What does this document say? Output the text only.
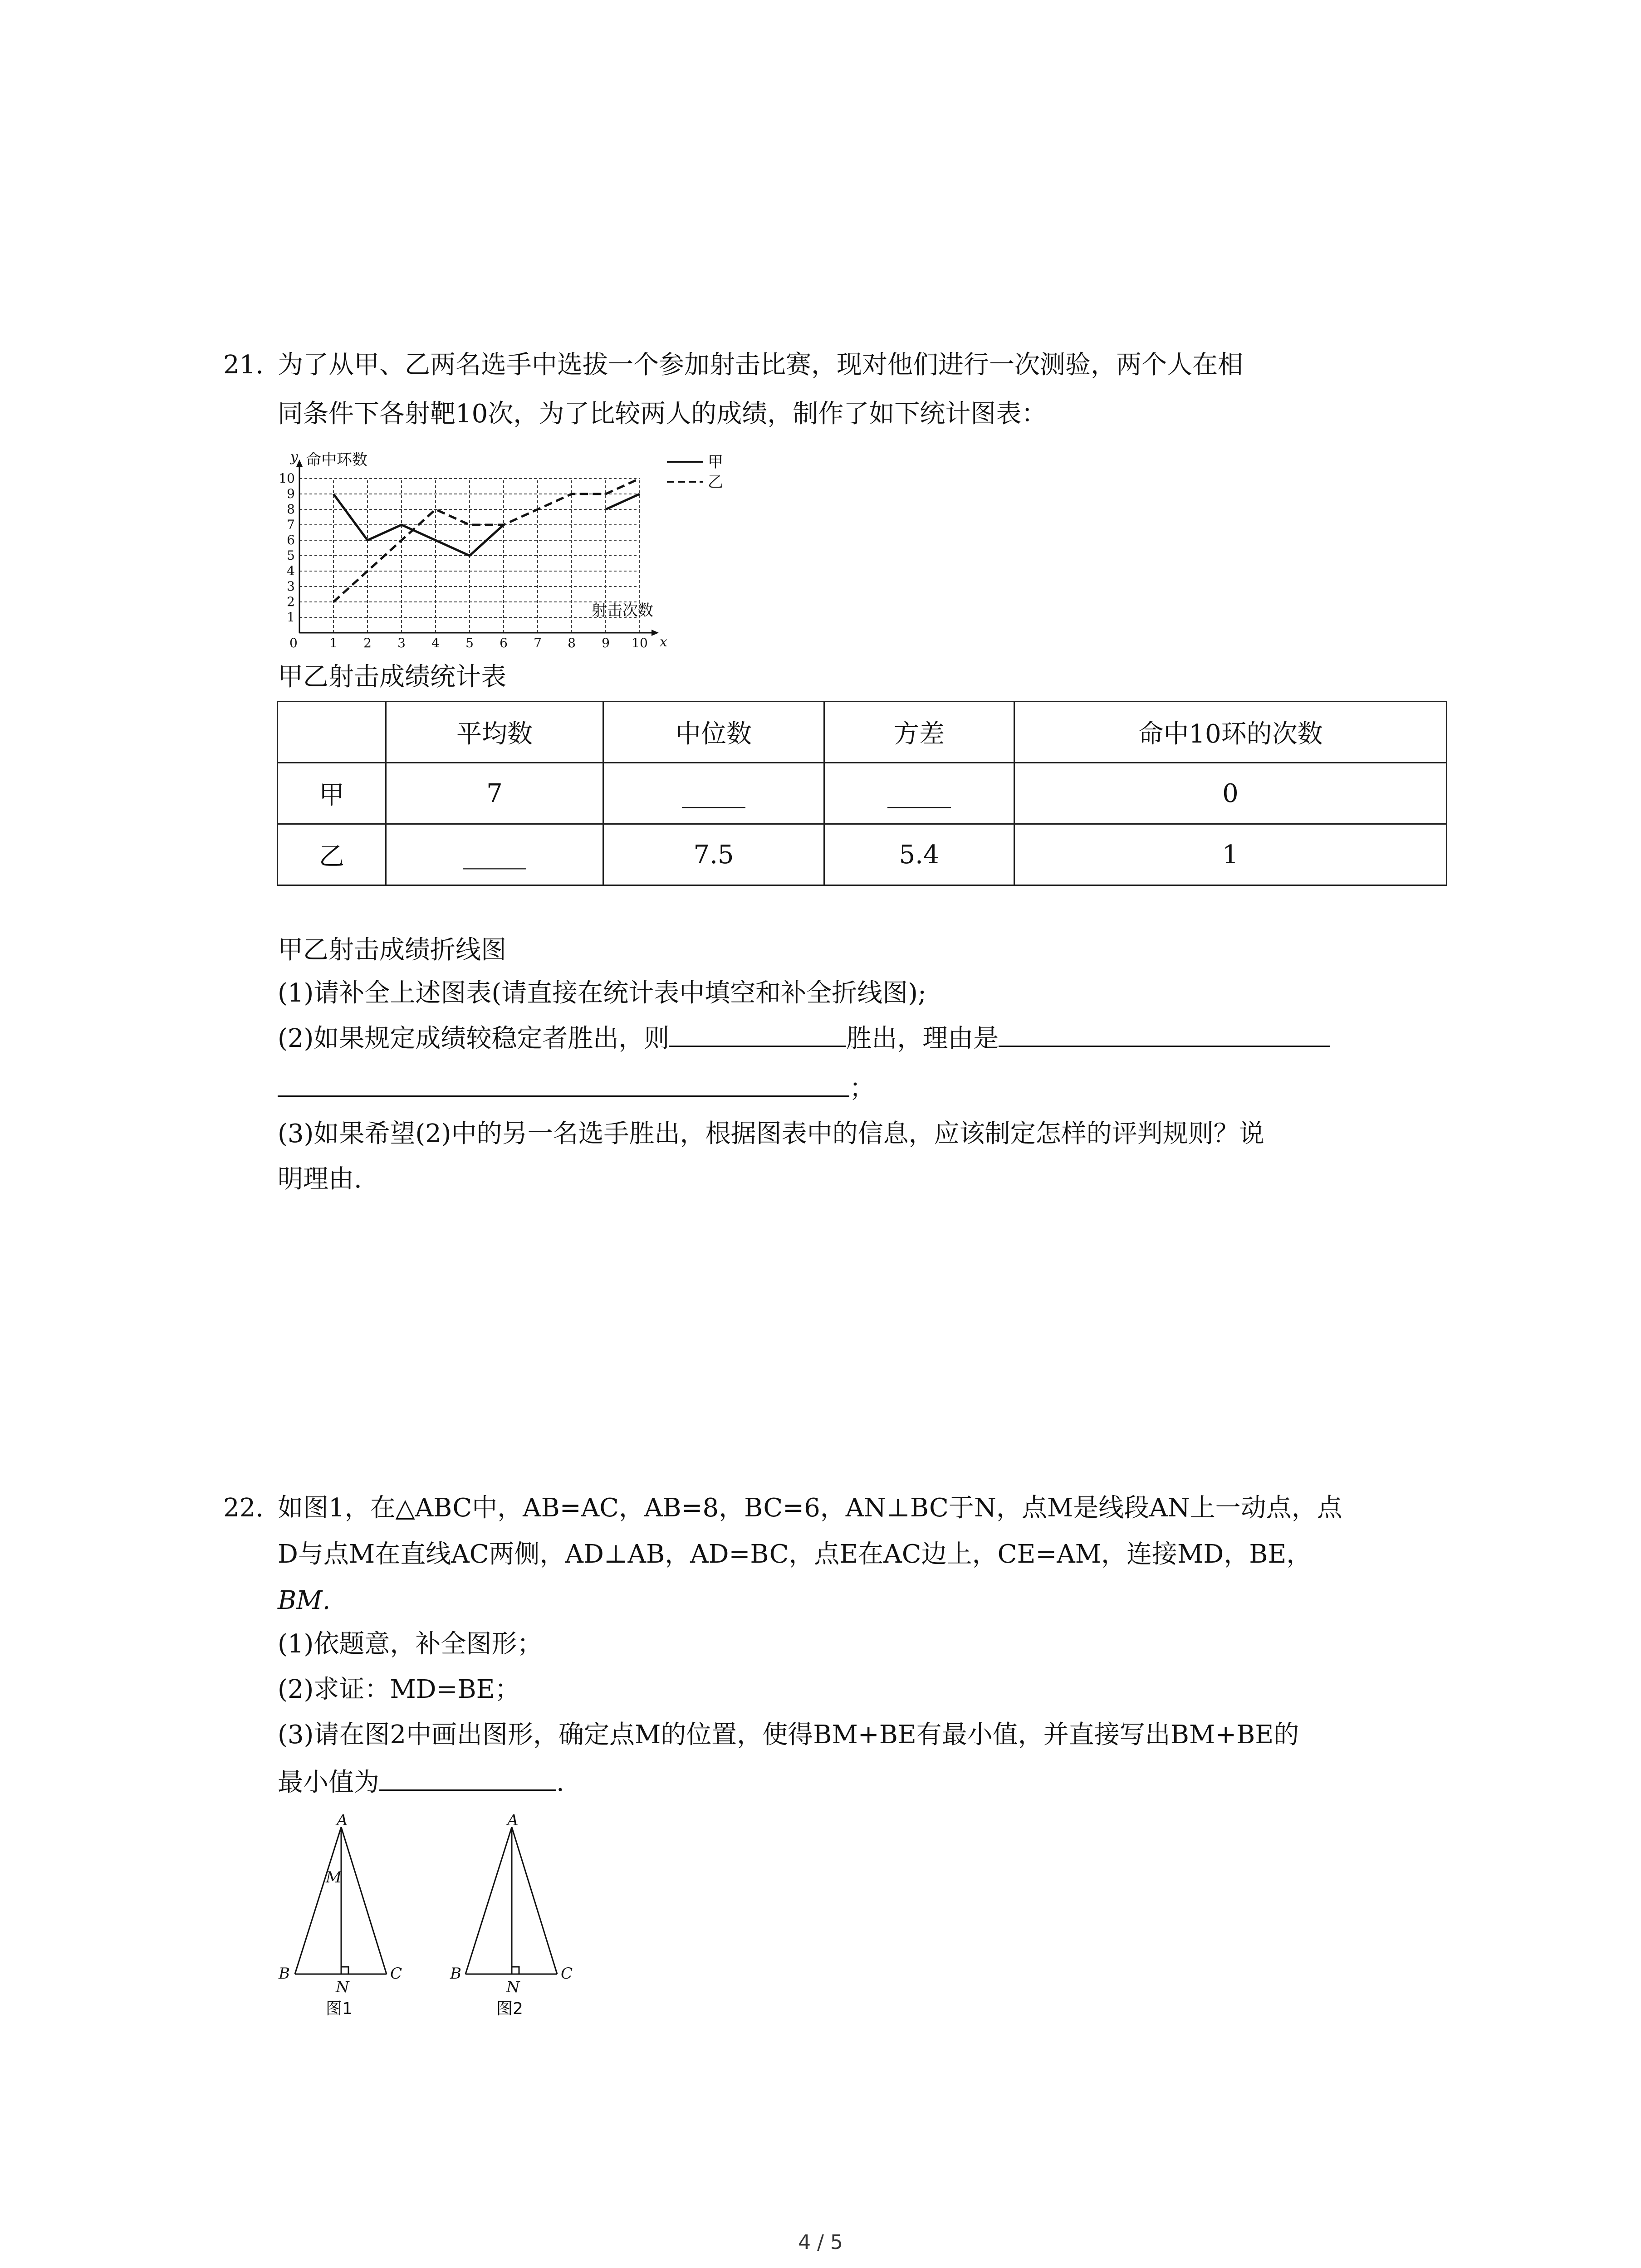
21. 为了从甲、乙两名选手中选拔一个参加射击比赛，现对他们进行一次测验，两个人在相
同条件下各射靶10次，为了比较两人的成绩，制作了如下统计图表：
1
2
3
4
5
6
7
8
9
10
1 2 3 4 5 6 7 8 9 10
0
y
x
命中环数
射击次数
甲
乙
甲乙射击成绩统计表
	平均数	中位数	方差	命中10环的次数
甲	7	_____	_____	0
乙	_____	7.5	5.4	1
甲乙射击成绩折线图
(1)请补全上述图表(请直接在统计表中填空和补全折线图);
(2)如果规定成绩较稳定者胜出，则	胜出，理由是
；
(3)如果希望(2)中的另一名选手胜出，根据图表中的信息，应该制定怎样的评判规则？说
明理由.
22. 如图1，在△ABC中，AB=AC，AB=8，BC=6，AN⊥BC于N，点M是线段AN上一动点，点
D与点M在直线AC两侧，AD⊥AB，AD=BC，点E在AC边上，CE=AM，连接MD，BE，
BM.
(1)依题意，补全图形；
(2)求证：MD=BE；
(3)请在图2中画出图形，确定点M的位置，使得BM+BE有最小值，并直接写出BM+BE的
最小值为	.
A
M
B
N
C
图1
A
B
N
C
图2
4 / 5
